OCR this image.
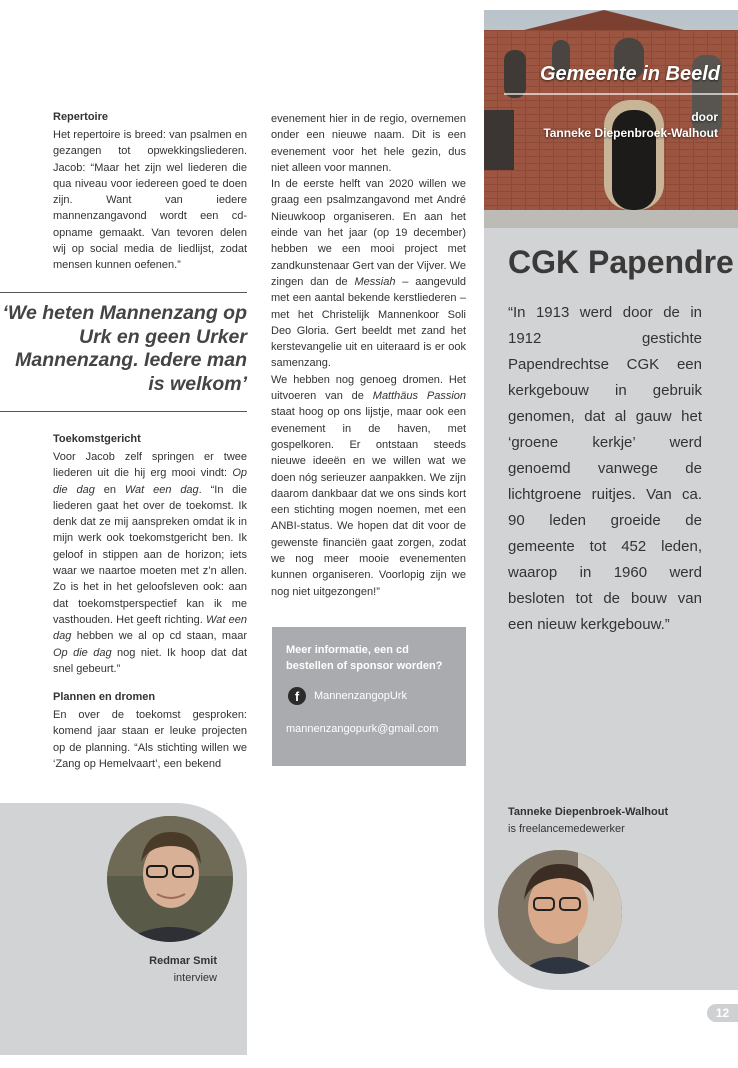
Gemeente in Beeld
door
Tanneke Diepenbroek-Walhout
CGK Papendre
“In 1913 werd door de in 1912 gestichte Papendrechtse CGK een kerkgebouw in gebruik genomen, dat al gauw het ‘groene kerkje’ werd genoemd vanwege de lichtgroene ruitjes. Van ca. 90 leden groeide de gemeente tot 452 leden, waarop in 1960 werd besloten tot de bouw van een nieuw kerkgebouw.”
Tanneke Diepenbroek-Walhout
is freelancemedewerker

Repertoire

Het repertoire is breed: van psalmen en gezangen tot opwekkingsliederen. Jacob: “Maar het zijn wel liederen die qua niveau voor iedereen goed te doen zijn. Want van iedere mannenzangavond wordt een cd-opname gemaakt. Van tevoren delen wij op social media de liedlijst, zodat mensen kunnen oefenen.”

‘We heten Mannenzang op Urk en geen Urker Mannenzang. Iedere man is welkom’

Toekomstgericht

Voor Jacob zelf springen er twee liederen uit die hij erg mooi vindt: Op die dag en Wat een dag. “In die liederen gaat het over de toekomst. Ik denk dat ze mij aanspreken omdat ik in mijn werk ook toekomstgericht ben. Ik geloof in stippen aan de horizon; iets waar we naartoe moeten met z’n allen. Zo is het in het geloofsleven ook: aan dat toekomstperspectief kan ik me vasthouden. Het geeft richting. Wat een dag hebben we al op cd staan, maar Op die dag nog niet. Ik hoop dat dat snel gebeurt.”

Plannen en dromen

En over de toekomst gesproken: komend jaar staan er leuke projecten op de planning. “Als stichting willen we ‘Zang op Hemelvaart’, een bekend

evenement hier in de regio, overnemen onder een nieuwe naam. Dit is een evenement voor het hele gezin, dus niet alleen voor mannen.
In de eerste helft van 2020 willen we graag een psalmzangavond met André Nieuwkoop organiseren. En aan het einde van het jaar (op 19 december) hebben we een mooi project met zandkunstenaar Gert van der Vijver. We zingen dan de Messiah – aangevuld met een aantal bekende kerstliederen – met het Christelijk Mannenkoor Soli Deo Gloria. Gert beeldt met zand het kerstevangelie uit en uiteraard is er ook samenzang.
We hebben nog genoeg dromen. Het uitvoeren van de Matthäus Passion staat hoog op ons lijstje, maar ook een evenement in de haven, met gospelkoren. Er ontstaan steeds nieuwe ideeën en we willen wat we doen nóg serieuzer aanpakken. We zijn daarom dankbaar dat we ons sinds kort een stichting mogen noemen, met een ANBI-status. We hopen dat dit voor de gewenste financiën gaat zorgen, zodat we nog meer mooie evenementen kunnen organiseren. Voorlopig zijn we nog niet uitgezongen!”

Meer informatie, een cd bestellen of sponsor worden?

f	MannenzangopUrk
mannenzangopurk@gmail.com
Redmar Smit
interview
12
